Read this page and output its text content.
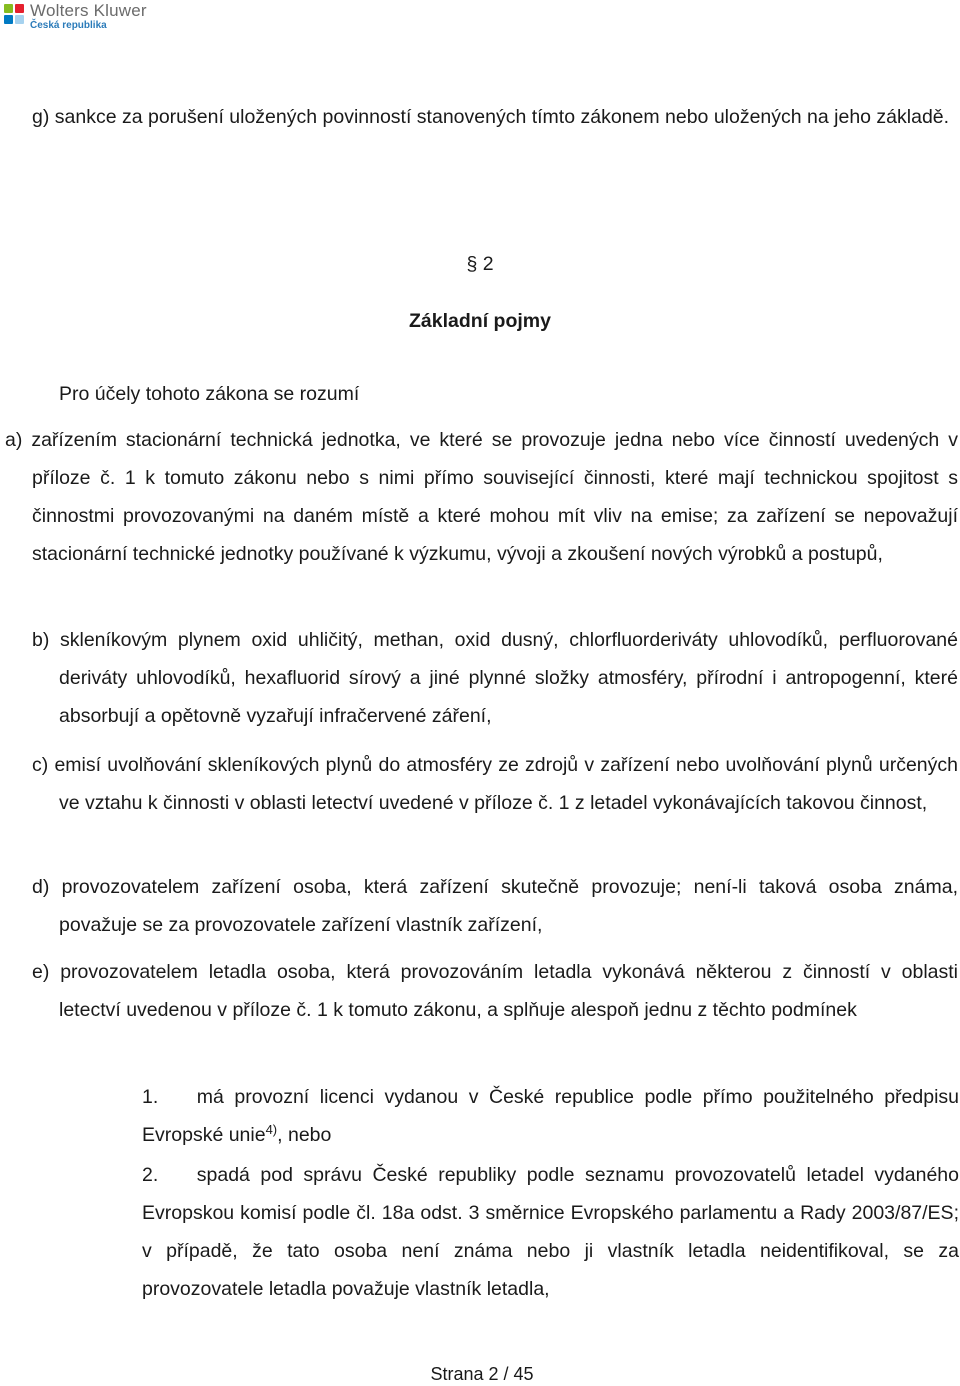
Wolters Kluwer
Česká republika
g) sankce za porušení uložených povinností stanovených tímto zákonem nebo uložených na jeho základě.
§ 2
Základní pojmy
Pro účely tohoto zákona se rozumí
a) zařízením stacionární technická jednotka, ve které se provozuje jedna nebo více činností uvedených v příloze č. 1 k tomuto zákonu nebo s nimi přímo související činnosti, které mají technickou spojitost s činnostmi provozovanými na daném místě a které mohou mít vliv na emise; za zařízení se nepovažují stacionární technické jednotky používané k výzkumu, vývoji a zkoušení nových výrobků a postupů,
b) skleníkovým plynem oxid uhličitý, methan, oxid dusný, chlorfluorderiváty uhlovodíků, perfluorované deriváty uhlovodíků, hexafluorid sírový a jiné plynné složky atmosféry, přírodní i antropogenní, které absorbují a opětovně vyzařují infračervené záření,
c) emisí uvolňování skleníkových plynů do atmosféry ze zdrojů v zařízení nebo uvolňování plynů určených ve vztahu k činnosti v oblasti letectví uvedené v příloze č. 1 z letadel vykonávajících takovou činnost,
d) provozovatelem zařízení osoba, která zařízení skutečně provozuje; není-li taková osoba známa, považuje se za provozovatele zařízení vlastník zařízení,
e) provozovatelem letadla osoba, která provozováním letadla vykonává některou z činností v oblasti letectví uvedenou v příloze č. 1 k tomuto zákonu, a splňuje alespoň jednu z těchto podmínek
1. má provozní licenci vydanou v České republice podle přímo použitelného předpisu Evropské unie$^{4)}$, nebo
2. spadá pod správu České republiky podle seznamu provozovatelů letadel vydaného Evropskou komisí podle čl. 18a odst. 3 směrnice Evropského parlamentu a Rady 2003/87/ES; v případě, že tato osoba není známa nebo ji vlastník letadla neidentifikoval, se za provozovatele letadla považuje vlastník letadla,
Strana 2 / 45
